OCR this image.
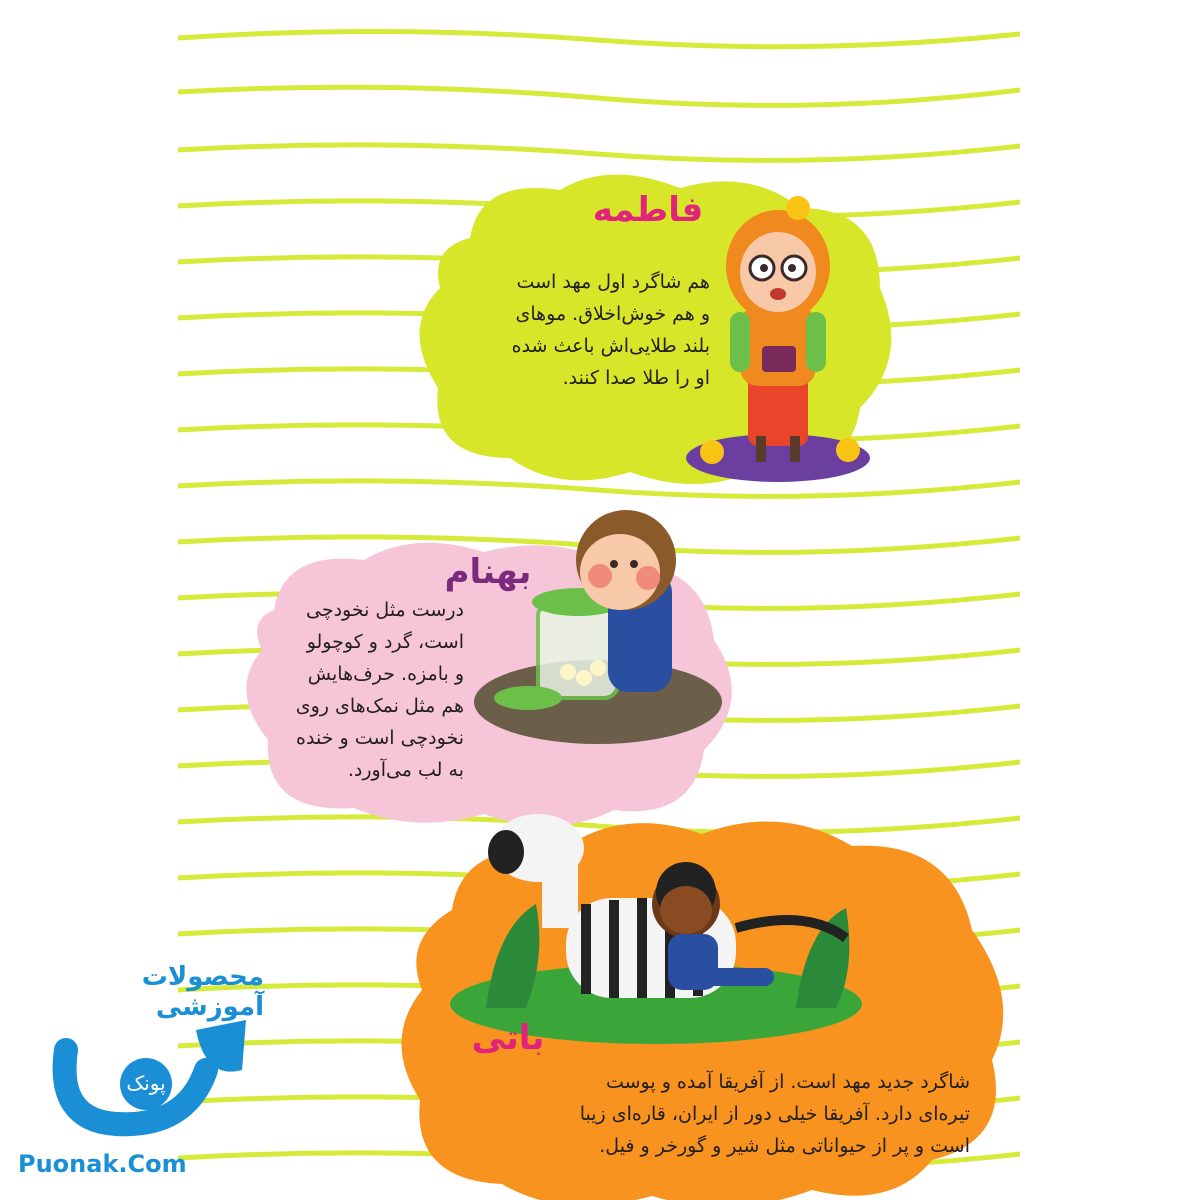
فاطمه
بهنام
باتی
هم شاگرد اول مهد است
و هم خوش‌اخلاق. موهای
بلند طلایی‌اش باعث شده
او را طلا صدا کنند.
درست مثل نخودچی
است، گرد و کوچولو
و بامزه. حرف‌هایش
هم مثل نمک‌های روی
نخودچی است و خنده
به لب می‌آورد.
شاگرد جدید مهد است. از آفریقا آمده و پوست
تیره‌ای دارد. آفریقا خیلی دور از ایران، قاره‌ای زیبا
است و پر از حیواناتی مثل شیر و گورخر و فیل.
محصولات آموزشی
پونک
Puonak.Com
